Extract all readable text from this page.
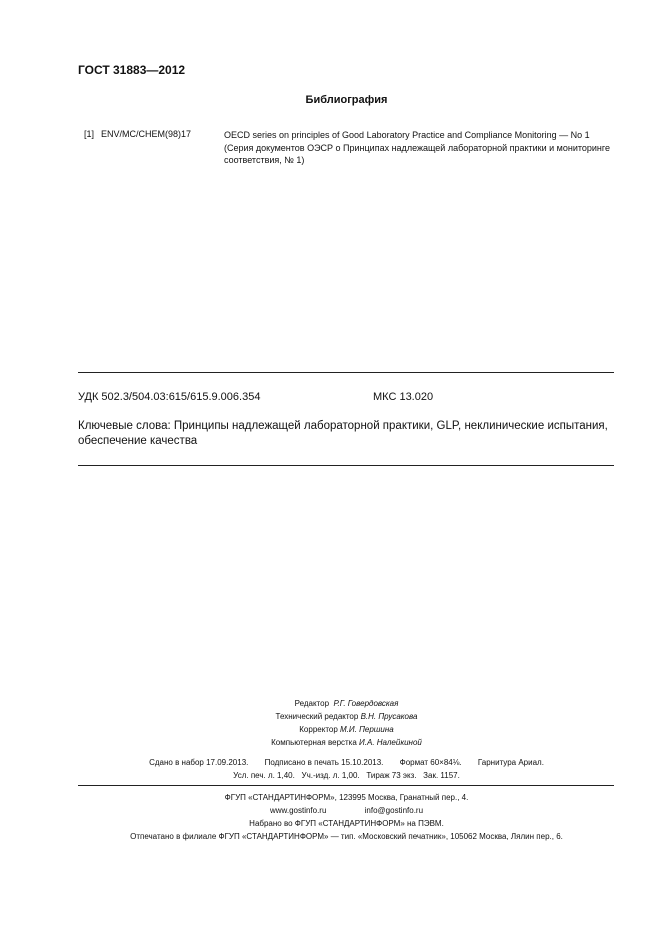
ГОСТ 31883—2012
Библиография
[1] ENV/MC/CHEM(98)17	OECD series on principles of Good Laboratory Practice and Compliance Monitoring — No 1 (Серия документов ОЭСР о Принципах надлежащей лабораторной практики и мониторинге соответствия, № 1)
УДК 502.3/504.03:615/615.9.006.354	МКС 13.020
Ключевые слова: Принципы надлежащей лабораторной практики, GLP, неклинические испытания, обеспечение качества
Редактор Р.Г. Говердовская
Технический редактор В.Н. Прусакова
Корректор М.И. Першина
Компьютерная верстка И.А. Налейкиной
Сдано в набор 17.09.2013. Подписано в печать 15.10.2013. Формат 60×84⅛. Гарнитура Ариал.
Усл. печ. л. 1,40. Уч.-изд. л. 1,00. Тираж 73 экз. Зак. 1157.
ФГУП «СТАНДАРТИНФОРМ», 123995 Москва, Гранатный пер., 4.
www.gostinfo.ru	info@gostinfo.ru
Набрано во ФГУП «СТАНДАРТИНФОРМ» на ПЭВМ.
Отпечатано в филиале ФГУП «СТАНДАРТИНФОРМ» — тип. «Московский печатник», 105062 Москва, Лялин пер., 6.
